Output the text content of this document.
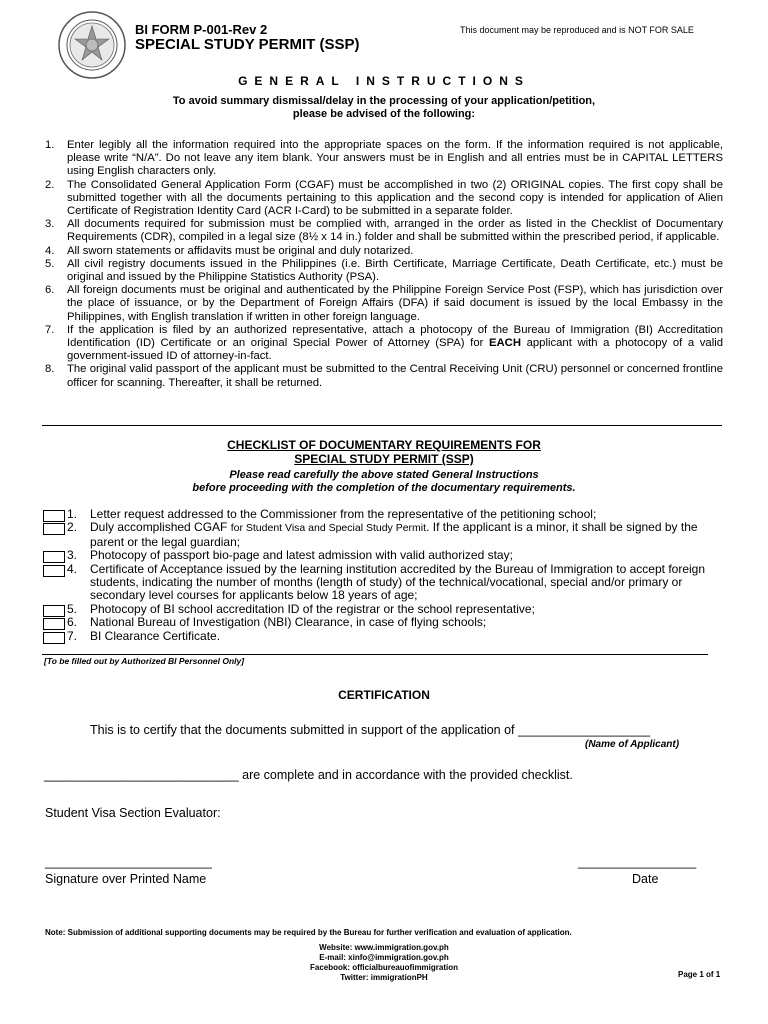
BI FORM P-001-Rev 2
SPECIAL STUDY PERMIT (SSP)
This document may be reproduced and is NOT FOR SALE
GENERAL INSTRUCTIONS
To avoid summary dismissal/delay in the processing of your application/petition,
please be advised of the following:
1. Enter legibly all the information required into the appropriate spaces on the form. If the information required is not applicable, please write “N/A”. Do not leave any item blank. Your answers must be in English and all entries must be in CAPITAL LETTERS using English characters only.
2. The Consolidated General Application Form (CGAF) must be accomplished in two (2) ORIGINAL copies. The first copy shall be submitted together with all the documents pertaining to this application and the second copy is intended for application of Alien Certificate of Registration Identity Card (ACR I-Card) to be submitted in a separate folder.
3. All documents required for submission must be complied with, arranged in the order as listed in the Checklist of Documentary Requirements (CDR), compiled in a legal size (8½ x 14 in.) folder and shall be submitted within the prescribed period, if applicable.
4. All sworn statements or affidavits must be original and duly notarized.
5. All civil registry documents issued in the Philippines (i.e. Birth Certificate, Marriage Certificate, Death Certificate, etc.) must be original and issued by the Philippine Statistics Authority (PSA).
6. All foreign documents must be original and authenticated by the Philippine Foreign Service Post (FSP), which has jurisdiction over the place of issuance, or by the Department of Foreign Affairs (DFA) if said document is issued by the local Embassy in the Philippines, with English translation if written in other foreign language.
7. If the application is filed by an authorized representative, attach a photocopy of the Bureau of Immigration (BI) Accreditation Identification (ID) Certificate or an original Special Power of Attorney (SPA) for EACH applicant with a photocopy of a valid government-issued ID of attorney-in-fact.
8. The original valid passport of the applicant must be submitted to the Central Receiving Unit (CRU) personnel or concerned frontline officer for scanning. Thereafter, it shall be returned.
CHECKLIST OF DOCUMENTARY REQUIREMENTS FOR
SPECIAL STUDY PERMIT (SSP)
Please read carefully the above stated General Instructions
before proceeding with the completion of the documentary requirements.
1. Letter request addressed to the Commissioner from the representative of the petitioning school;
2. Duly accomplished CGAF for Student Visa and Special Study Permit. If the applicant is a minor, it shall be signed by the parent or the legal guardian;
3. Photocopy of passport bio-page and latest admission with valid authorized stay;
4. Certificate of Acceptance issued by the learning institution accredited by the Bureau of Immigration to accept foreign students, indicating the number of months (length of study) of the technical/vocational, special and/or primary or secondary level courses for applicants below 18 years of age;
5. Photocopy of BI school accreditation ID of the registrar or the school representative;
6. National Bureau of Investigation (NBI) Clearance, in case of flying schools;
7. BI Clearance Certificate.
[To be filled out by Authorized BI Personnel Only]
CERTIFICATION
This is to certify that the documents submitted in support of the application of ___________________
(Name of Applicant)
____________________________ are complete and in accordance with the provided checklist.
Student Visa Section Evaluator:
________________________
Signature over Printed Name
_________________
Date
Note: Submission of additional supporting documents may be required by the Bureau for further verification and evaluation of application.
Website: www.immigration.gov.ph
E-mail: xinfo@immigration.gov.ph
Facebook: officialbureauofimmigration
Twitter: immigrationPH	Page 1 of 1
